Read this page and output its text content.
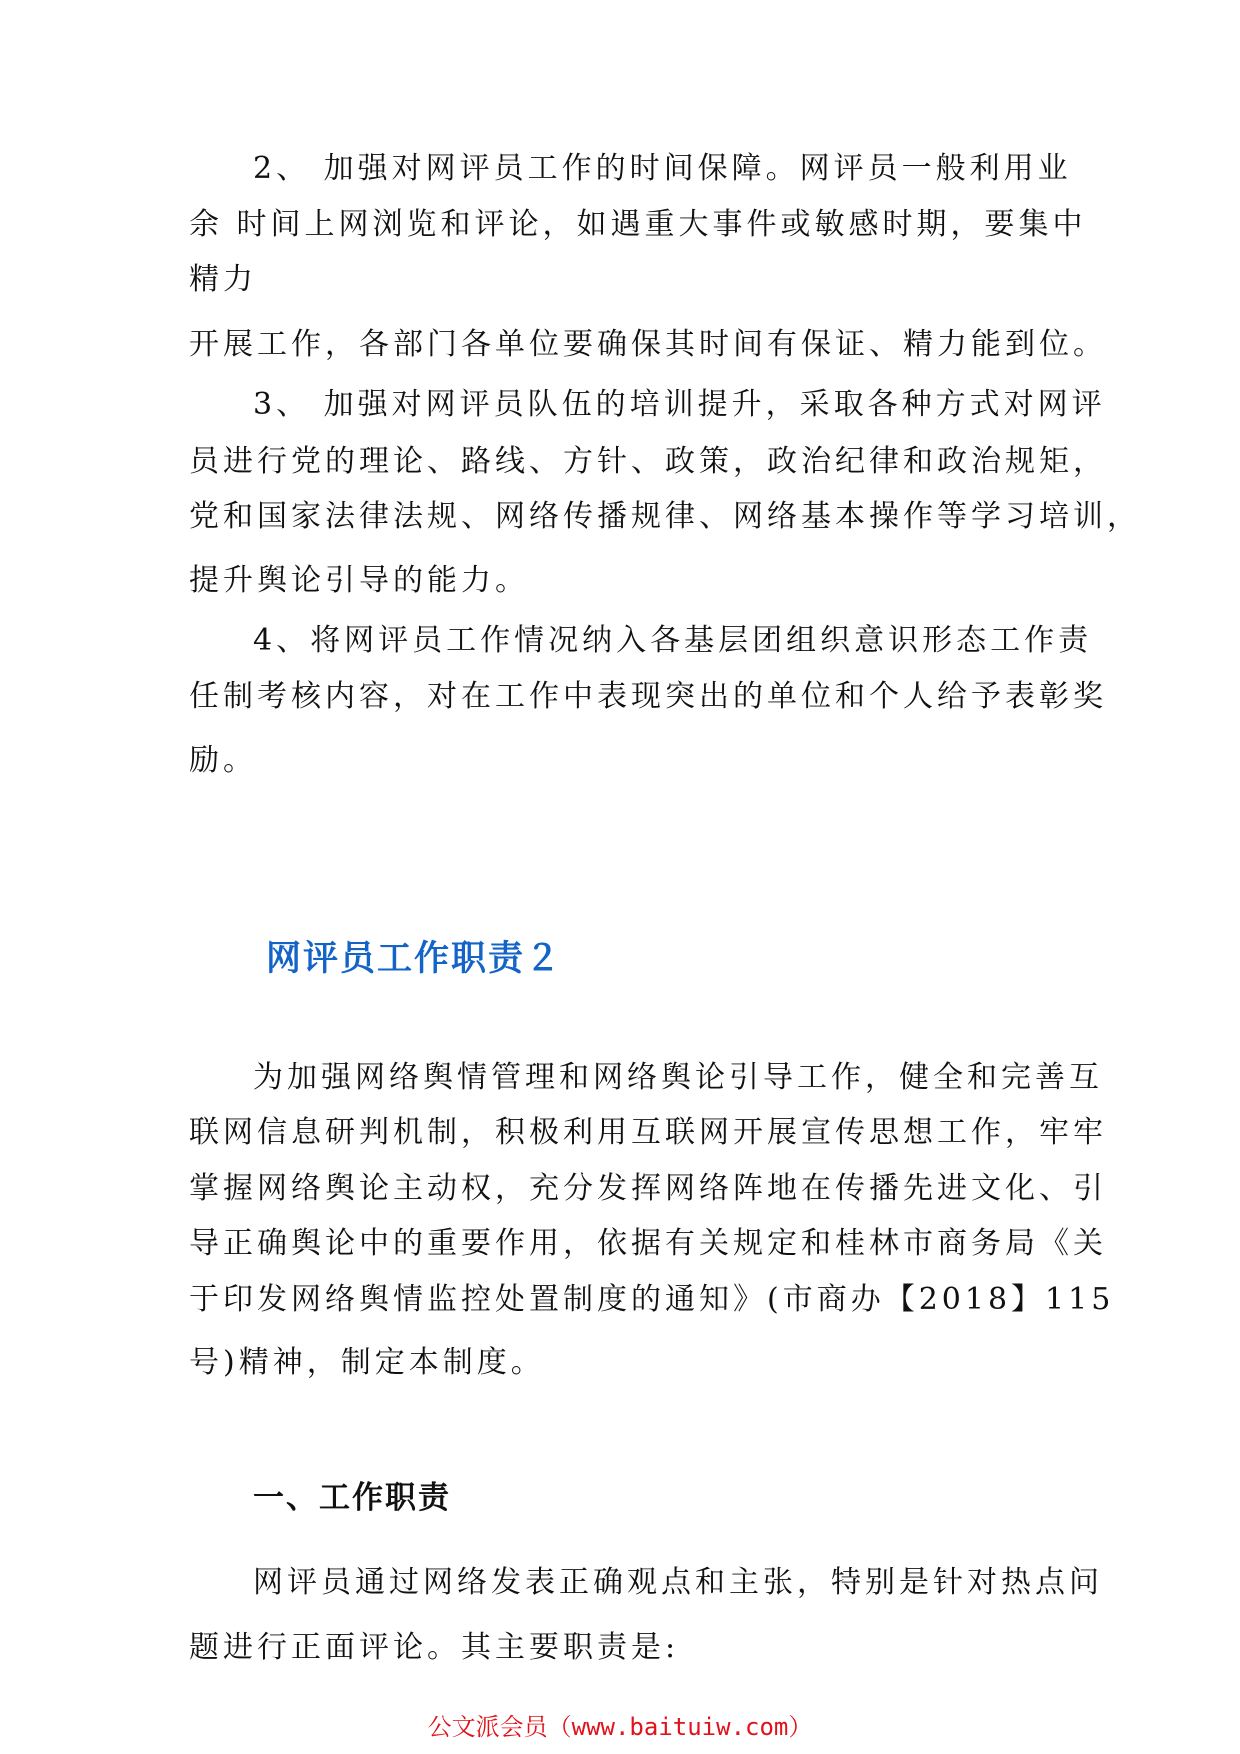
2、 加强对网评员工作的时间保障。网评员一般利用业
余 时间上网浏览和评论，如遇重大事件或敏感时期，要集中
精力
开展工作，各部门各单位要确保其时间有保证、精力能到位。
3、 加强对网评员队伍的培训提升，采取各种方式对网评
员进行党的理论、路线、方针、政策，政治纪律和政治规矩，
党和国家法律法规、网络传播规律、网络基本操作等学习培训，
提升舆论引导的能力。
4、将网评员工作情况纳入各基层团组织意识形态工作责
任制考核内容，对在工作中表现突出的单位和个人给予表彰奖
励。
网评员工作职责２
为加强网络舆情管理和网络舆论引导工作，健全和完善互
联网信息研判机制，积极利用互联网开展宣传思想工作，牢牢
掌握网络舆论主动权，充分发挥网络阵地在传播先进文化、引
导正确舆论中的重要作用，依据有关规定和桂林市商务局《关
于印发网络舆情监控处置制度的通知》(市商办【2018】115
号)精神，制定本制度。
一、工作职责
网评员通过网络发表正确观点和主张，特别是针对热点问
题进行正面评论。其主要职责是:
公文派会员（www.baituiw.com）
